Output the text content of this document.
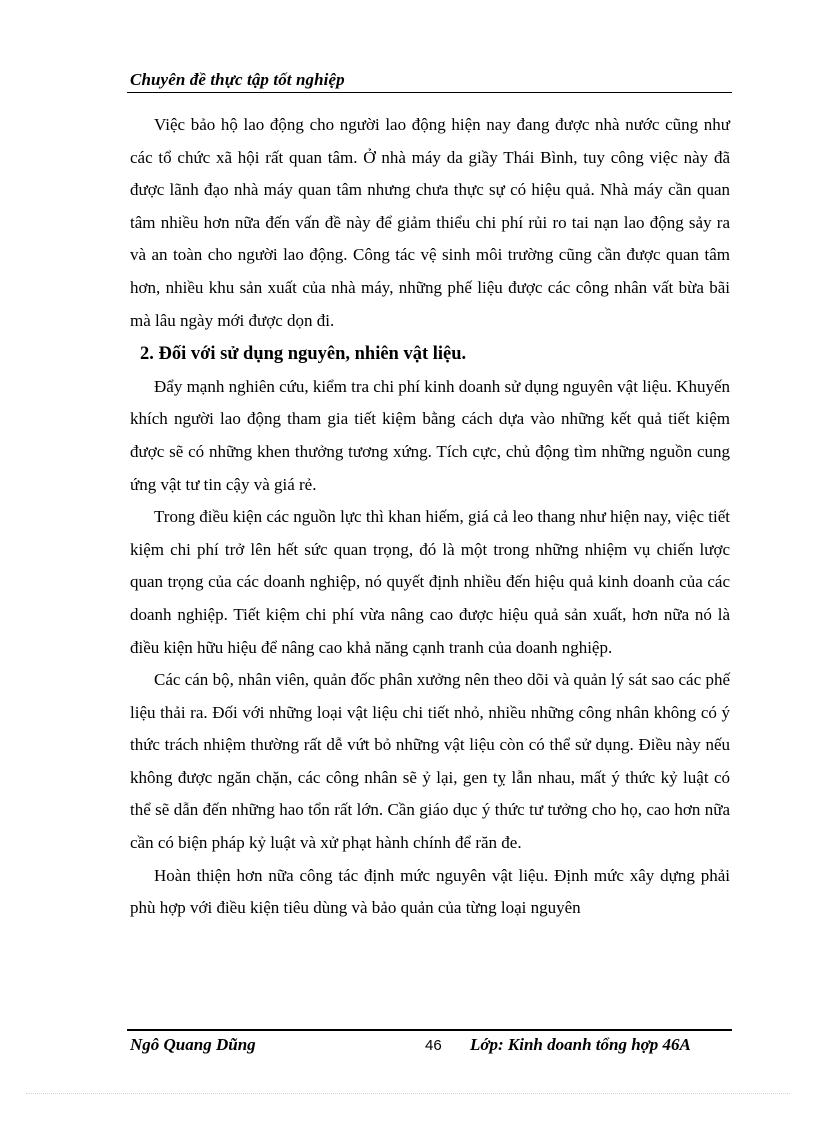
Chuyên đề thực tập tốt nghiệp

Việc bảo hộ lao động cho người lao động hiện nay đang được nhà nước cũng như các tổ chức xã hội rất quan tâm. Ở nhà máy da giầy Thái Bình, tuy công việc này đã được lãnh đạo nhà máy quan tâm nhưng chưa thực sự có hiệu quả. Nhà máy cần quan tâm nhiều hơn nữa đến vấn đề này để giảm thiểu chi phí rủi ro tai nạn lao động sảy ra và an toàn cho người lao động. Công tác vệ sinh môi trường cũng cần được quan tâm hơn, nhiều khu sản xuất của nhà máy, những phế liệu được các công nhân vất bừa bãi mà lâu ngày mới được dọn đi.

2. Đối với sử dụng nguyên, nhiên vật liệu.

Đẩy mạnh nghiên cứu, kiểm tra chi phí kinh doanh sử dụng nguyên vật liệu. Khuyến khích người lao động tham gia tiết kiệm bằng cách dựa vào những kết quả tiết kiệm được sẽ có những khen thưởng tương xứng. Tích cực, chủ động tìm những nguồn cung ứng vật tư tin cậy và giá rẻ.

Trong điều kiện các nguồn lực thì khan hiếm, giá cả leo thang như hiện nay, việc tiết kiệm chi phí trở lên hết sức quan trọng, đó là một trong những nhiệm vụ chiến lược quan trọng của các doanh nghiệp, nó quyết định nhiều đến hiệu quả kinh doanh của các doanh nghiệp. Tiết kiệm chi phí vừa nâng cao được hiệu quả sản xuất, hơn nữa nó là điều kiện hữu hiệu để nâng cao khả năng cạnh tranh của doanh nghiệp.

Các cán bộ, nhân viên, quản đốc phân xưởng nên theo dõi và quản lý sát sao các phế liệu thải ra. Đối với những loại vật liệu chi tiết nhỏ, nhiều những công nhân không có ý thức trách nhiệm thường rất dễ vứt bỏ những vật liệu còn có thể sử dụng. Điều này nếu không được ngăn chặn, các công nhân sẽ ỷ lại, gen tỵ lẫn nhau, mất ý thức kỷ luật có thể sẽ dẫn đến những hao tổn rất lớn. Cần giáo dục ý thức tư tưởng cho họ, cao hơn nữa cần có biện pháp kỷ luật và xử phạt hành chính để răn đe.

Hoàn thiện hơn nữa công tác định mức nguyên vật liệu. Định mức xây dựng phải phù hợp với điều kiện tiêu dùng và bảo quản của từng loại nguyên

Ngô Quang Dũng	46 Lớp: Kinh doanh tổng hợp 46A
